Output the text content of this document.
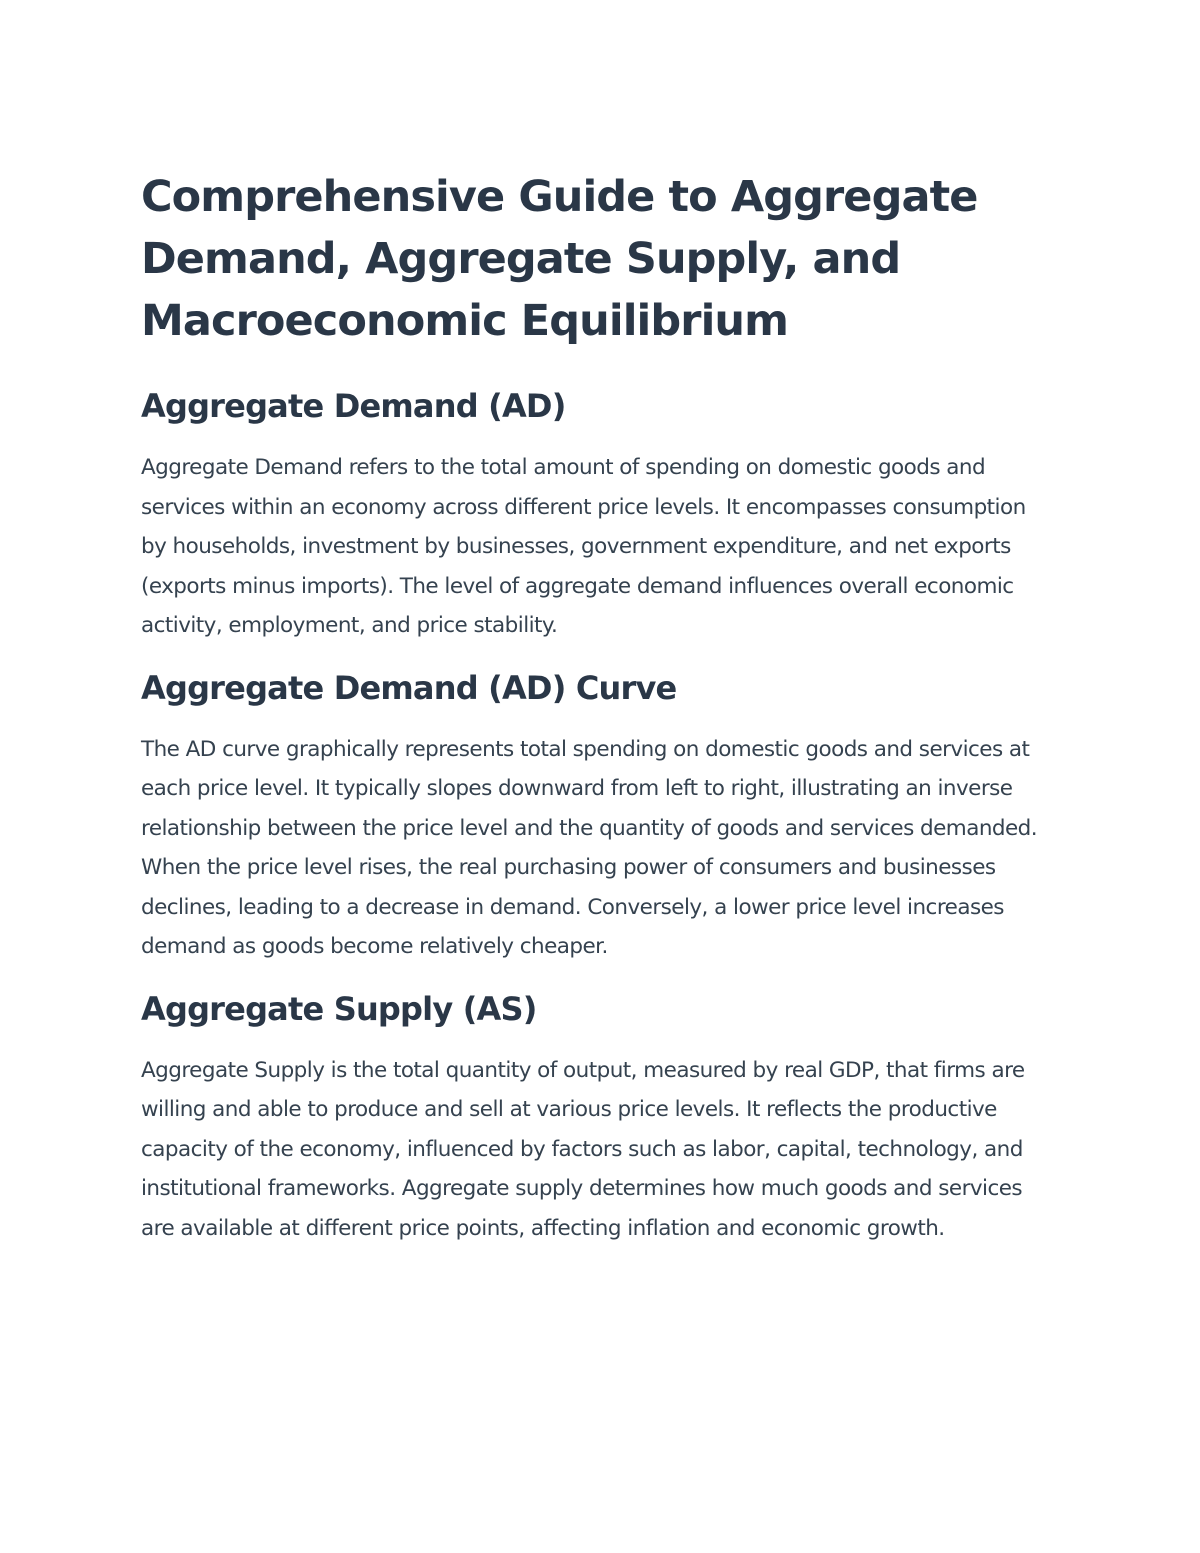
Comprehensive Guide to Aggregate Demand, Aggregate Supply, and Macroeconomic Equilibrium
Aggregate Demand (AD)

Aggregate Demand refers to the total amount of spending on domestic goods and services within an economy across different price levels. It encompasses consumption by households, investment by businesses, government expenditure, and net exports (exports minus imports). The level of aggregate demand influences overall economic activity, employment, and price stability.

Aggregate Demand (AD) Curve

The AD curve graphically represents total spending on domestic goods and services at each price level. It typically slopes downward from left to right, illustrating an inverse relationship between the price level and the quantity of goods and services demanded. When the price level rises, the real purchasing power of consumers and businesses declines, leading to a decrease in demand. Conversely, a lower price level increases demand as goods become relatively cheaper.

Aggregate Supply (AS)

Aggregate Supply is the total quantity of output, measured by real GDP, that firms are willing and able to produce and sell at various price levels. It reflects the productive capacity of the economy, influenced by factors such as labor, capital, technology, and institutional frameworks. Aggregate supply determines how much goods and services are available at different price points, affecting inflation and economic growth.
